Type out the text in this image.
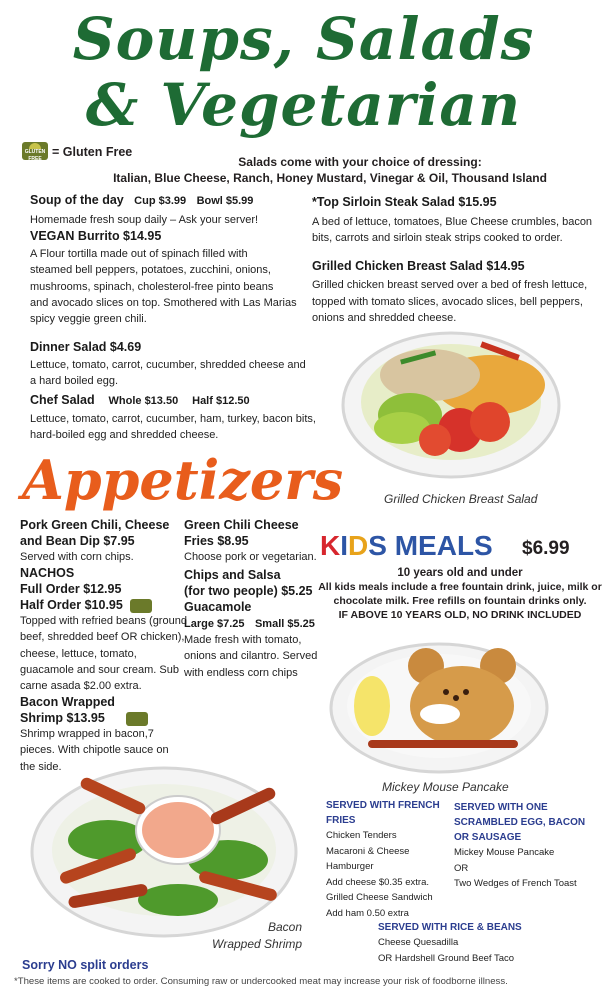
Soups, Salads
& Vegetarian
GLUTEN
FREE = Gluten Free
Salads come with your choice of dressing:
Italian, Blue Cheese, Ranch, Honey Mustard, Vinegar & Oil, Thousand Island
Soup of the day Cup $3.99 Bowl $5.99
Homemade fresh soup daily – Ask your server!
VEGAN Burrito $14.95
A Flour tortilla made out of spinach filled with
steamed bell peppers, potatoes, zucchini, onions,
mushrooms, spinach, cholesterol-free pinto beans
and avocado slices on top. Smothered with Las Marias
spicy veggie green chili.
Dinner Salad $4.69
Lettuce, tomato, carrot, cucumber, shredded cheese and
a hard boiled egg.
Chef Salad Whole $13.50 Half $12.50
Lettuce, tomato, carrot, cucumber, ham, turkey, bacon bits,
hard-boiled egg and shredded cheese.
*Top Sirloin Steak Salad $15.95
A bed of lettuce, tomatoes, Blue Cheese crumbles, bacon
bits, carrots and sirloin steak strips cooked to order.
Grilled Chicken Breast Salad $14.95
Grilled chicken breast served over a bed of fresh lettuce,
topped with tomato slices, avocado slices, bell peppers,
onions and shredded cheese.
Grilled Chicken Breast Salad
Appetizers
Pork Green Chili, Cheese
and Bean Dip $7.95
Served with corn chips.
NACHOS
Full Order $12.95
Half Order $10.95
Topped with refried beans (ground
beef, shredded beef OR chicken),
cheese, lettuce, tomato,
guacamole and sour cream. Sub
carne asada $2.00 extra.
Bacon Wrapped
Shrimp $13.95
Shrimp wrapped in bacon,7
pieces. With chipotle sauce on
the side.
Green Chili Cheese
Fries $8.95
Choose pork or vegetarian.
Chips and Salsa
(for two people) $5.25
Guacamole
Large $7.25 Small $5.25
Made fresh with tomato,
onions and cilantro. Served
with endless corn chips
Bacon
Wrapped Shrimp
KIDS MEALS $6.99
10 years old and under
All kids meals include a free fountain drink, juice, milk or
chocolate milk. Free refills on fountain drinks only.
IF ABOVE 10 YEARS OLD, NO DRINK INCLUDED
Mickey Mouse Pancake
SERVED WITH FRENCH
FRIES
Chicken Tenders
Macaroni & Cheese
Hamburger
Add cheese $0.35 extra.
Grilled Cheese Sandwich
Add ham 0.50 extra
SERVED WITH ONE
SCRAMBLED EGG, BACON
OR SAUSAGE
Mickey Mouse Pancake
OR
Two Wedges of French Toast
SERVED WITH RICE & BEANS
Cheese Quesadilla
OR Hardshell Ground Beef Taco
Sorry NO split orders
*These items are cooked to order. Consuming raw or undercooked meat may increase your risk of foodborne illness.
